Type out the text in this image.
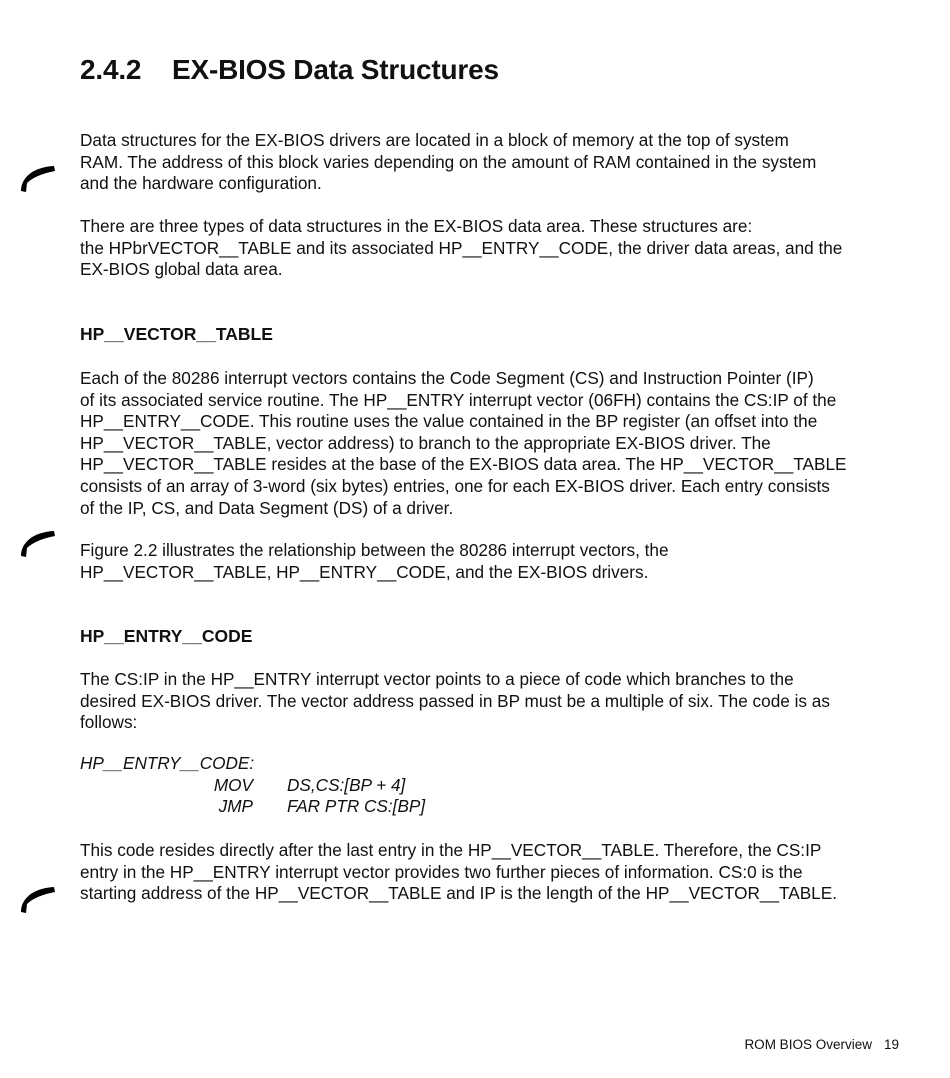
2.4.2 EX-BIOS Data Structures

Data structures for the EX-BIOS drivers are located in a block of memory at the top of system
RAM. The address of this block varies depending on the amount of RAM contained in the system
and the hardware configuration.

There are three types of data structures in the EX-BIOS data area. These structures are:
the HPbrVECTOR__TABLE and its associated HP__ENTRY__CODE, the driver data areas, and the
EX-BIOS global data area.

HP__VECTOR__TABLE

Each of the 80286 interrupt vectors contains the Code Segment (CS) and Instruction Pointer (IP)
of its associated service routine. The HP__ENTRY interrupt vector (06FH) contains the CS:IP of the
HP__ENTRY__CODE. This routine uses the value contained in the BP register (an offset into the
HP__VECTOR__TABLE, vector address) to branch to the appropriate EX-BIOS driver. The
HP__VECTOR__TABLE resides at the base of the EX-BIOS data area. The HP__VECTOR__TABLE
consists of an array of 3-word (six bytes) entries, one for each EX-BIOS driver. Each entry consists
of the IP, CS, and Data Segment (DS) of a driver.

Figure 2.2 illustrates the relationship between the 80286 interrupt vectors, the
HP__VECTOR__TABLE, HP__ENTRY__CODE, and the EX-BIOS drivers.

HP__ENTRY__CODE

The CS:IP in the HP__ENTRY interrupt vector points to a piece of code which branches to the
desired EX-BIOS driver. The vector address passed in BP must be a multiple of six. The code is as
follows:

HP__ENTRY__CODE:
MOV DS,CS:[BP + 4]
JMP FAR PTR CS:[BP]

This code resides directly after the last entry in the HP__VECTOR__TABLE. Therefore, the CS:IP
entry in the HP__ENTRY interrupt vector provides two further pieces of information. CS:0 is the
starting address of the HP__VECTOR__TABLE and IP is the length of the HP__VECTOR__TABLE.

ROM BIOS Overview 19
